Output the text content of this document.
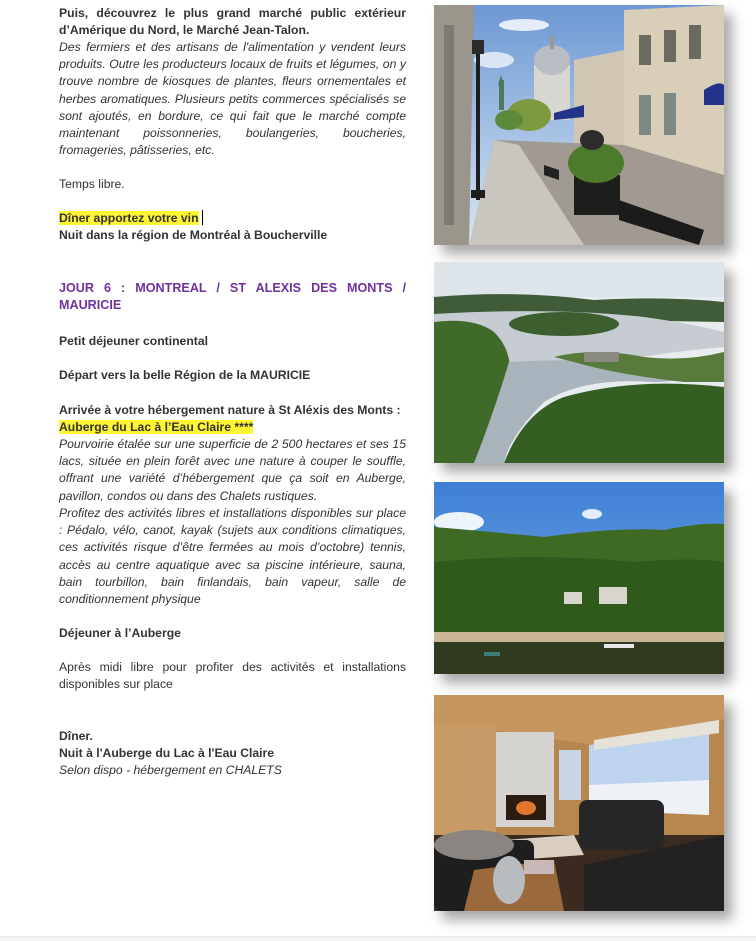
Puis, découvrez le plus grand marché public extérieur

d’Amérique du Nord, le Marché Jean-Talon.

Des fermiers et des artisans de l'alimentation y vendent leurs produits. Outre les producteurs locaux de fruits et légumes, on y trouve nombre de kiosques de plantes, fleurs ornementales et herbes aromatiques. Plusieurs petits commerces spécialisés se sont ajoutés, en bordure, ce qui fait que le marché compte maintenant poissonneries, boulangeries, boucheries, fromageries, pâtisseries, etc.

Temps libre.

Dîner apportez votre vin

Nuit dans la région de Montréal à Boucherville

JOUR 6 : MONTREAL / ST ALEXIS DES MONTS / MAURICIE

Petit déjeuner continental

Départ vers la belle Région de la MAURICIE

Arrivée à votre hébergement nature à St Aléxis des Monts :

Auberge du Lac à l’Eau Claire ****

Pourvoirie étalée sur une superficie de 2 500 hectares et ses 15 lacs, située en plein forêt avec une nature à couper le souffle, offrant une variété d’hébergement que ça soit en Auberge, pavillon, condos ou dans des Chalets rustiques.

Profitez des activités libres et installations disponibles sur place : Pédalo, vélo, canot, kayak (sujets aux conditions climatiques, ces activités risque d’être fermées au mois d’octobre) tennis, accès au centre aquatique avec sa piscine intérieure, sauna, bain tourbillon, bain finlandais, bain vapeur, salle de conditionnement physique

Déjeuner à l’Auberge

Après midi libre pour profiter des activités et installations disponibles sur place

Dîner.

Nuit à l'Auberge du Lac à l'Eau Claire

Selon dispo - hébergement en CHALETS
